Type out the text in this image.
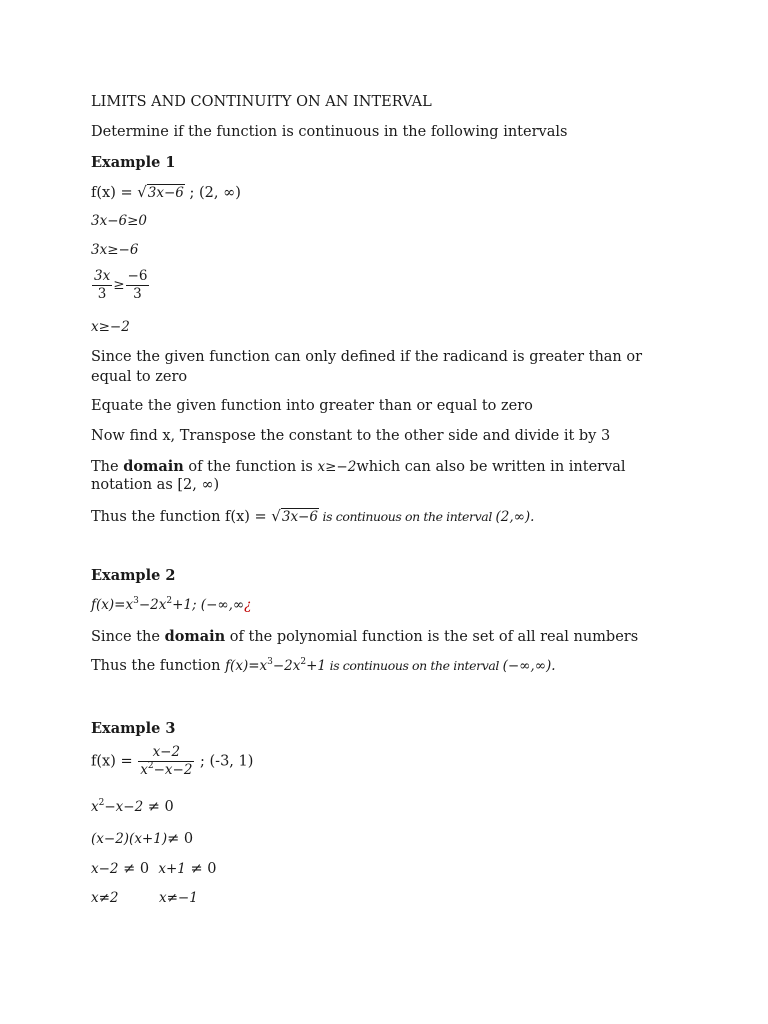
LIMITS AND CONTINUITY ON AN INTERVAL
Determine if the function is continuous in the following intervals
Example 1
f(x) = √3x−6 ; (2, ∞)
3x−6≥0
3x≥−6
$\frac{3x}{3} \ge \frac{-6}{3}$
x≥−2
Since the given function can only defined if the radicand is greater than or
equal to zero
Equate the given function into greater than or equal to zero
Now find x, Transpose the constant to the other side and divide it by 3
The domain of the function is x≥−2which can also be written in interval
notation as [2, ∞)
Thus the function f(x) = √3x−6 is continuous on the interval (2,∞).
Example 2
$f(x)=x^3-2x^2+1$; (−∞,∞¿
Since the domain of the polynomial function is the set of all real numbers
Thus the function $f(x)=x^3-2x^2+1$ is continuous on the interval (−∞,∞).
Example 3
$f(x) = \frac{x-2}{x^2-x-2}$ ; (-3, 1)
$x^2-x-2 \ne 0$
(x−2)(x+1)≠ 0
x−2 ≠ 0  x+1 ≠ 0
x≠2	x≠−1
